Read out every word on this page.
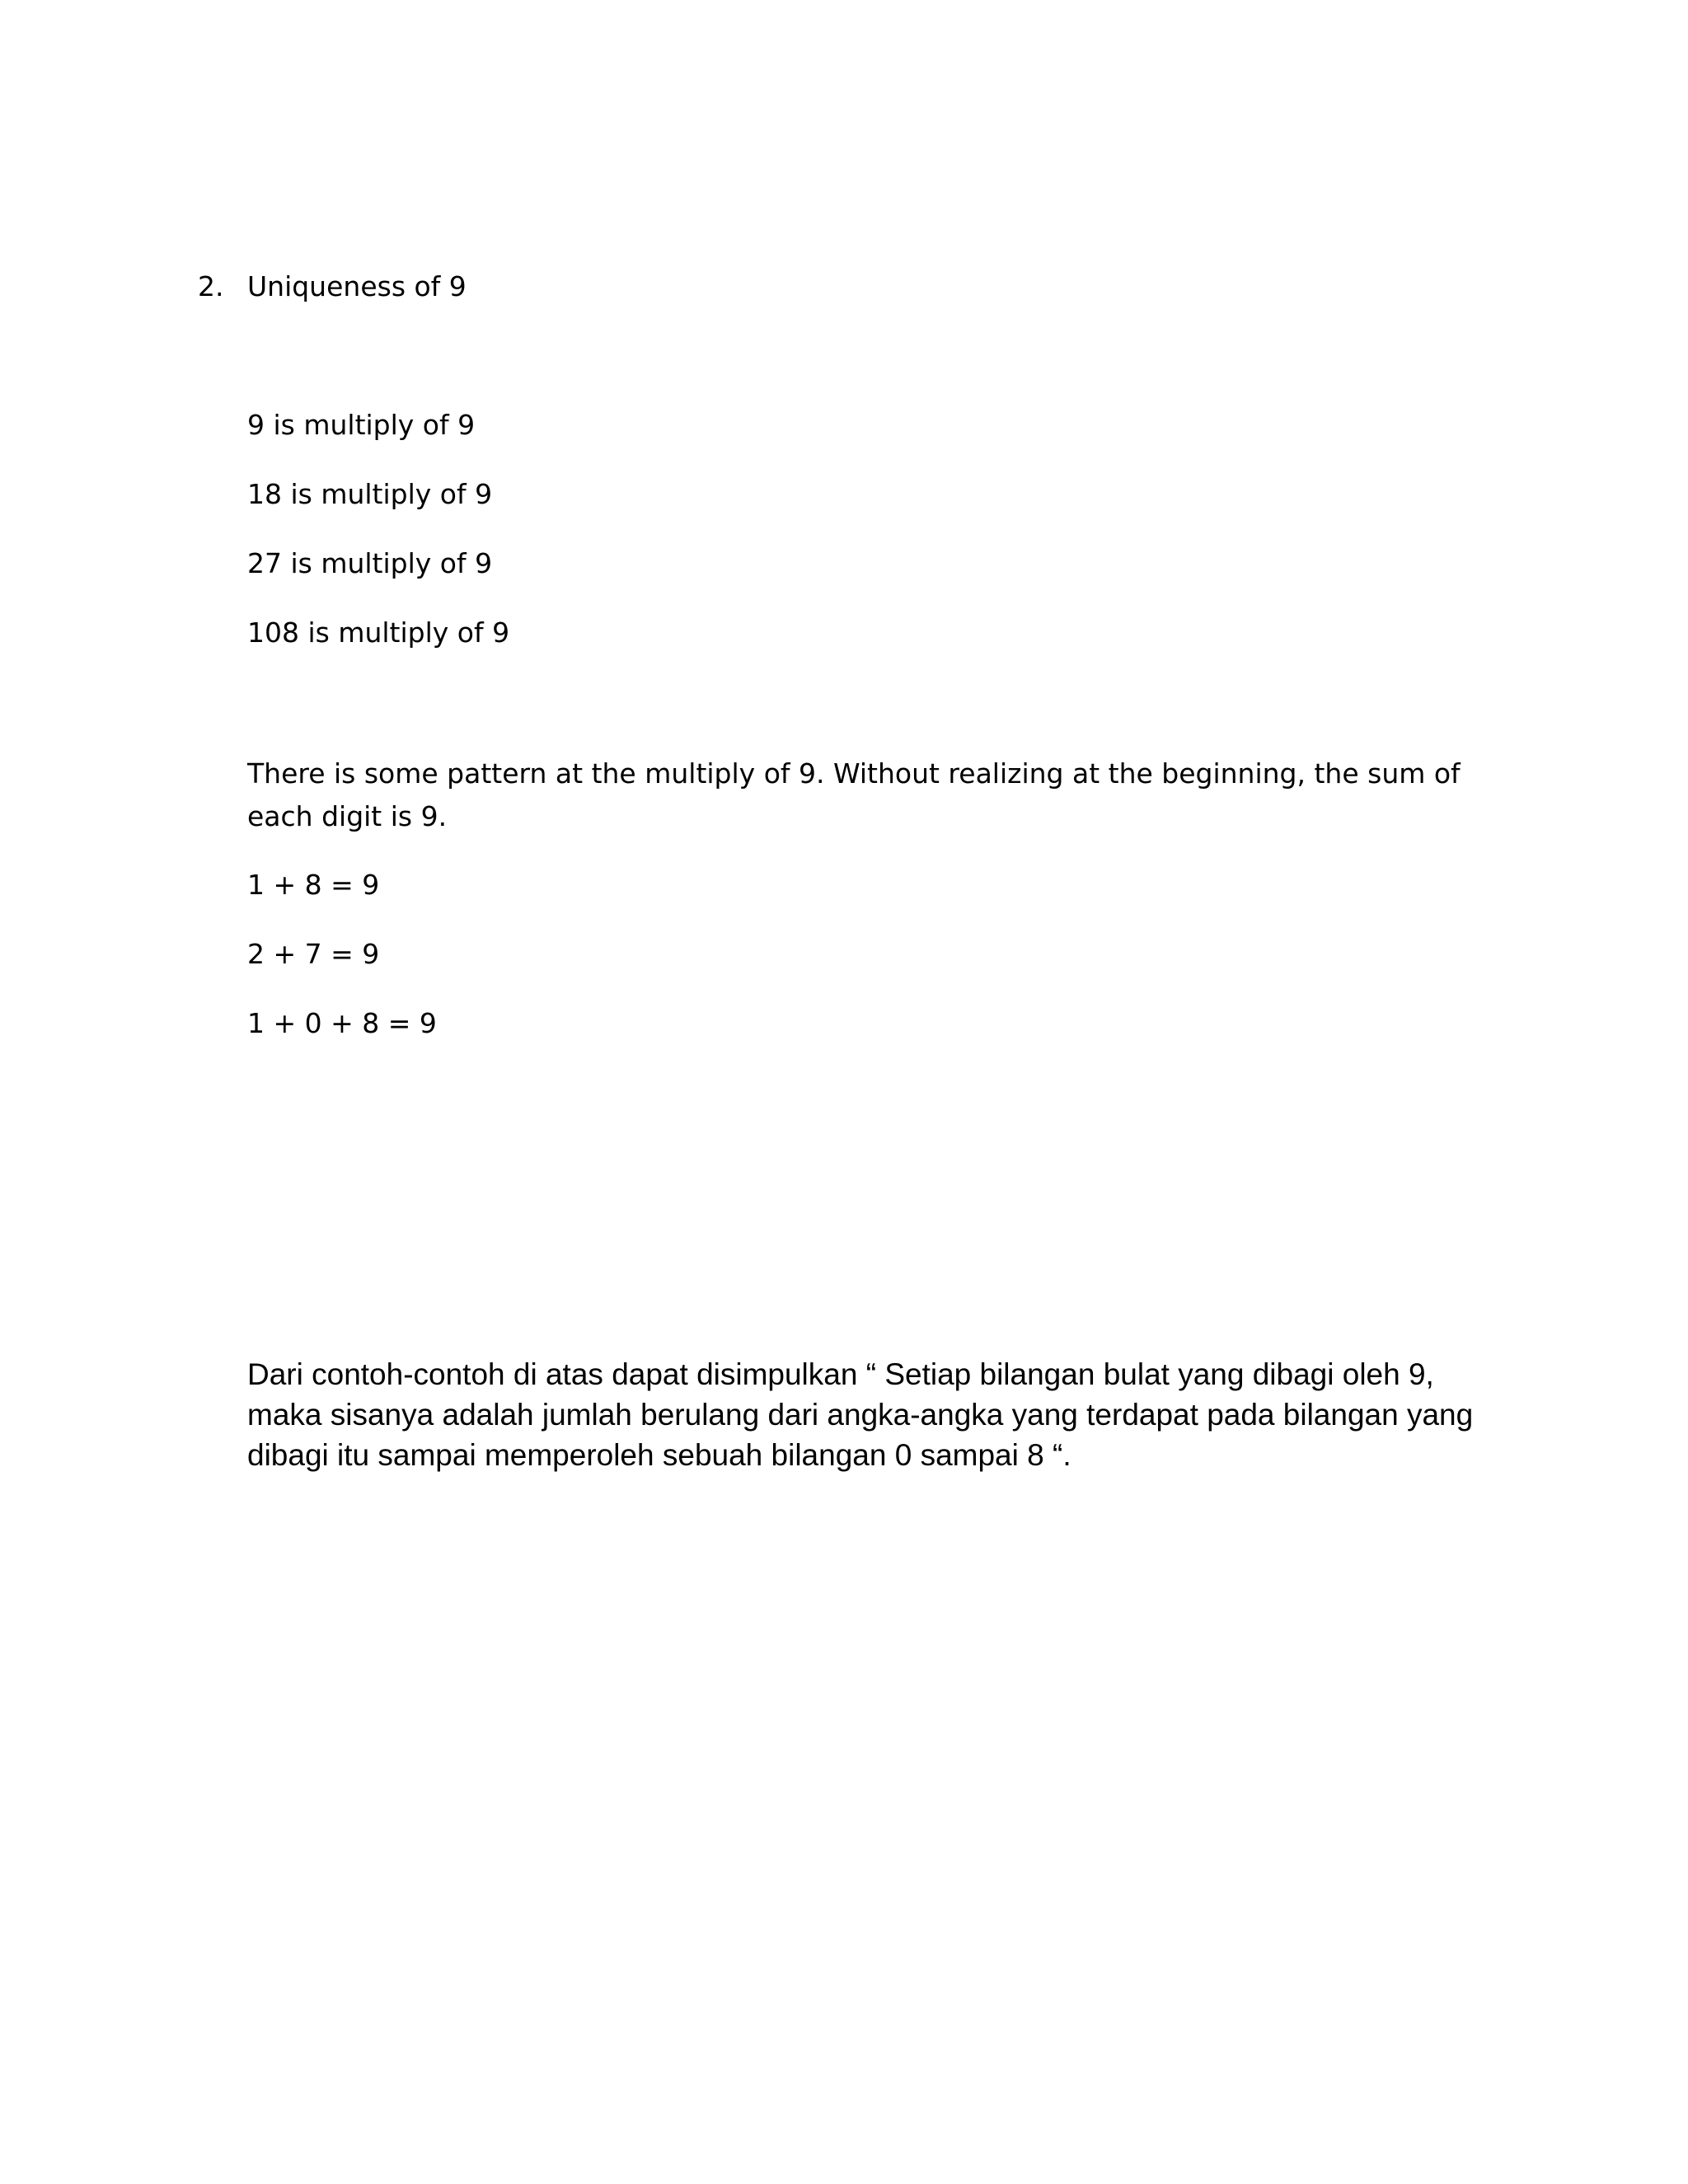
2. Uniqueness of 9
9 is multiply of 9
18 is multiply of 9
27 is multiply of 9
108 is multiply of 9
There is some pattern at the multiply of 9. Without realizing at the beginning, the sum of each digit is 9.
1 + 8 = 9
2 + 7 = 9
1 + 0 + 8 = 9
Dari contoh-contoh di atas dapat disimpulkan “ Setiap bilangan bulat yang dibagi oleh 9,
maka sisanya adalah jumlah berulang dari angka-angka yang terdapat pada bilangan yang
dibagi itu sampai memperoleh sebuah bilangan 0 sampai 8 “.
